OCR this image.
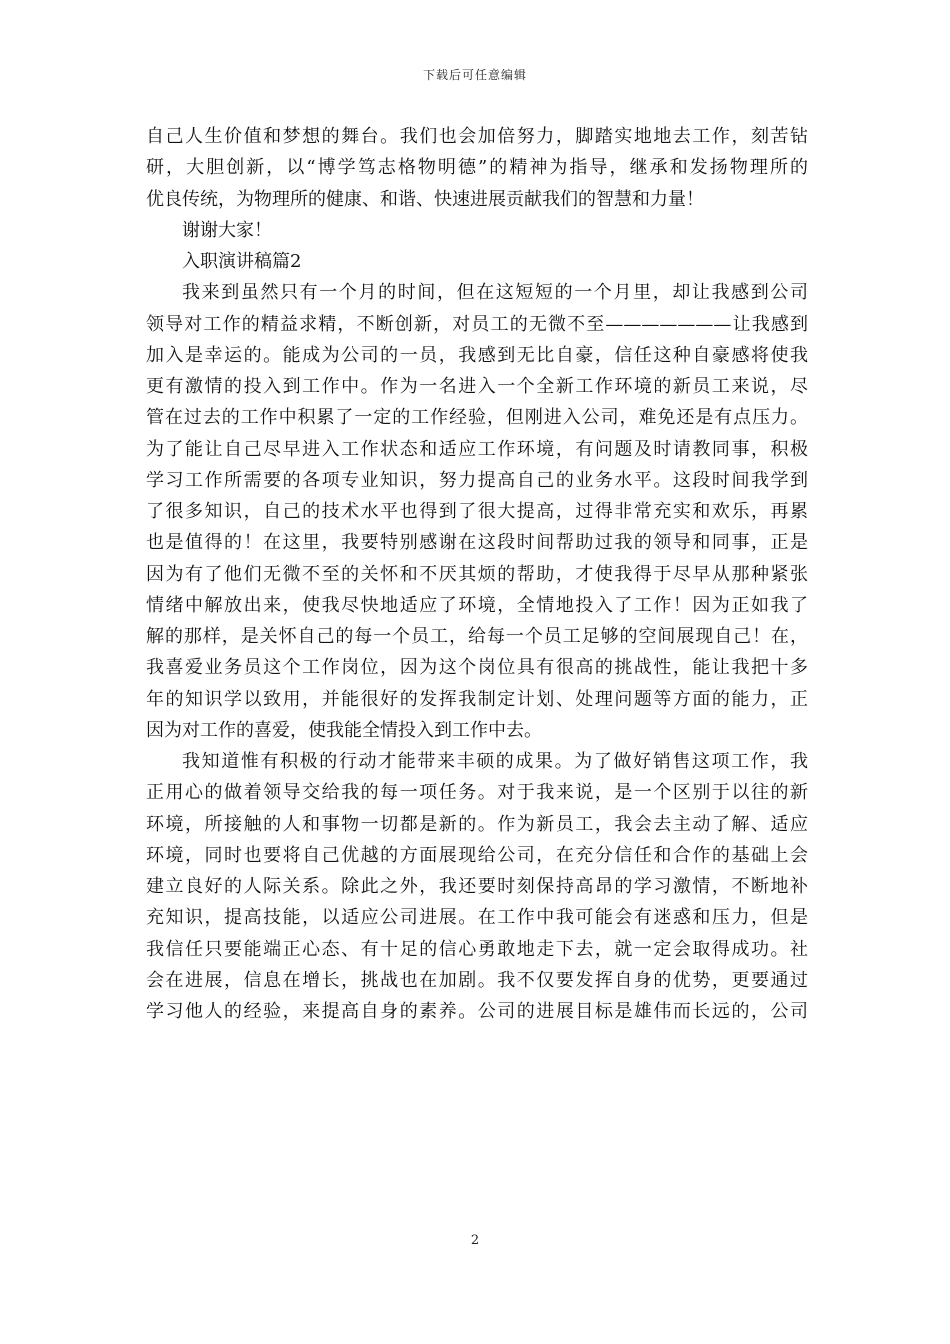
下载后可任意编辑
自己人生价值和梦想的舞台。我们也会加倍努力，脚踏实地地去工作，刻苦钻
研，大胆创新，以“博学笃志格物明德”的精神为指导，继承和发扬物理所的
优良传统，为物理所的健康、和谐、快速进展贡献我们的智慧和力量！
谢谢大家！
入职演讲稿篇2
我来到虽然只有一个月的时间，但在这短短的一个月里，却让我感到公司
领导对工作的精益求精，不断创新，对员工的无微不至———————让我感到
加入是幸运的。能成为公司的一员，我感到无比自豪，信任这种自豪感将使我
更有激情的投入到工作中。作为一名进入一个全新工作环境的新员工来说，尽
管在过去的工作中积累了一定的工作经验，但刚进入公司，难免还是有点压力。
为了能让自己尽早进入工作状态和适应工作环境，有问题及时请教同事，积极
学习工作所需要的各项专业知识，努力提高自己的业务水平。这段时间我学到
了很多知识，自己的技术水平也得到了很大提高，过得非常充实和欢乐，再累
也是值得的！在这里，我要特别感谢在这段时间帮助过我的领导和同事，正是
因为有了他们无微不至的关怀和不厌其烦的帮助，才使我得于尽早从那种紧张
情绪中解放出来，使我尽快地适应了环境，全情地投入了工作！因为正如我了
解的那样，是关怀自己的每一个员工，给每一个员工足够的空间展现自己！在，
我喜爱业务员这个工作岗位，因为这个岗位具有很高的挑战性，能让我把十多
年的知识学以致用，并能很好的发挥我制定计划、处理问题等方面的能力，正
因为对工作的喜爱，使我能全情投入到工作中去。
我知道惟有积极的行动才能带来丰硕的成果。为了做好销售这项工作，我
正用心的做着领导交给我的每一项任务。对于我来说，是一个区别于以往的新
环境，所接触的人和事物一切都是新的。作为新员工，我会去主动了解、适应
环境，同时也要将自己优越的方面展现给公司，在充分信任和合作的基础上会
建立良好的人际关系。除此之外，我还要时刻保持高昂的学习激情，不断地补
充知识，提高技能，以适应公司进展。在工作中我可能会有迷惑和压力，但是
我信任只要能端正心态、有十足的信心勇敢地走下去，就一定会取得成功。社
会在进展，信息在增长，挑战也在加剧。我不仅要发挥自身的优势，更要通过
学习他人的经验，来提高自身的素养。公司的进展目标是雄伟而长远的，公司
2
